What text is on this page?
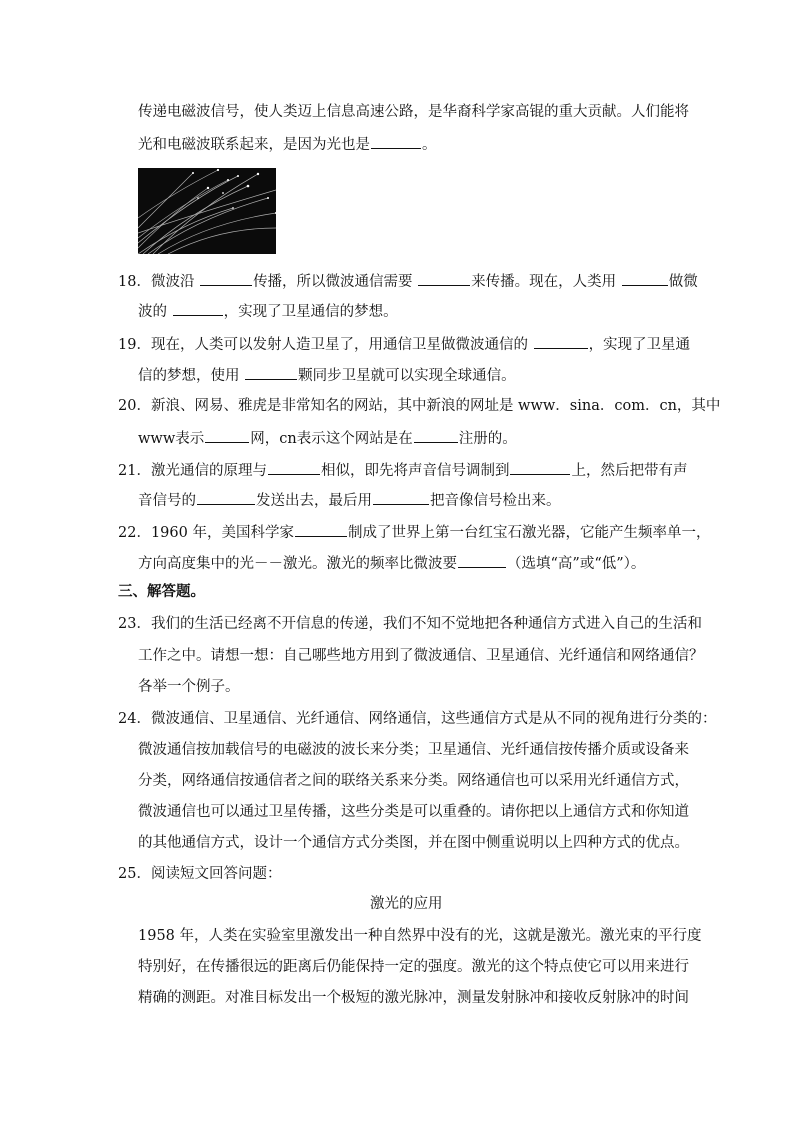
传递电磁波信号，使人类迈上信息高速公路，是华裔科学家高锟的重大贡献。人们能将
光和电磁波联系起来，是因为光也是	。
18．微波沿	传播，所以微波通信需要	来传播。现在，人类用	做微
波的	，实现了卫星通信的梦想。
19．现在，人类可以发射人造卫星了，用通信卫星做微波通信的	，实现了卫星通
信的梦想，使用	颗同步卫星就可以实现全球通信。
20．新浪、网易、雅虎是非常知名的网站，其中新浪的网址是 www．sina．com．cn，其中
www表示	网，cn表示这个网站是在	注册的。
21．激光通信的原理与	相似，即先将声音信号调制到	上，然后把带有声
音信号的	发送出去，最后用	把音像信号检出来。
22．1960 年，美国科学家	制成了世界上第一台红宝石激光器，它能产生频率单一，
方向高度集中的光－－激光。激光的频率比微波要	（选填“高”或“低”）。
三、解答题。
23．我们的生活已经离不开信息的传递，我们不知不觉地把各种通信方式进入自己的生活和
工作之中。请想一想：自己哪些地方用到了微波通信、卫星通信、光纤通信和网络通信？
各举一个例子。
24．微波通信、卫星通信、光纤通信、网络通信，这些通信方式是从不同的视角进行分类的：
微波通信按加载信号的电磁波的波长来分类；卫星通信、光纤通信按传播介质或设备来
分类，网络通信按通信者之间的联络关系来分类。网络通信也可以采用光纤通信方式，
微波通信也可以通过卫星传播，这些分类是可以重叠的。请你把以上通信方式和你知道
的其他通信方式，设计一个通信方式分类图，并在图中侧重说明以上四种方式的优点。
25．阅读短文回答问题：
激光的应用
1958 年，人类在实验室里激发出一种自然界中没有的光，这就是激光。激光束的平行度
特别好，在传播很远的距离后仍能保持一定的强度。激光的这个特点使它可以用来进行
精确的测距。对准目标发出一个极短的激光脉冲，测量发射脉冲和接收反射脉冲的时间
